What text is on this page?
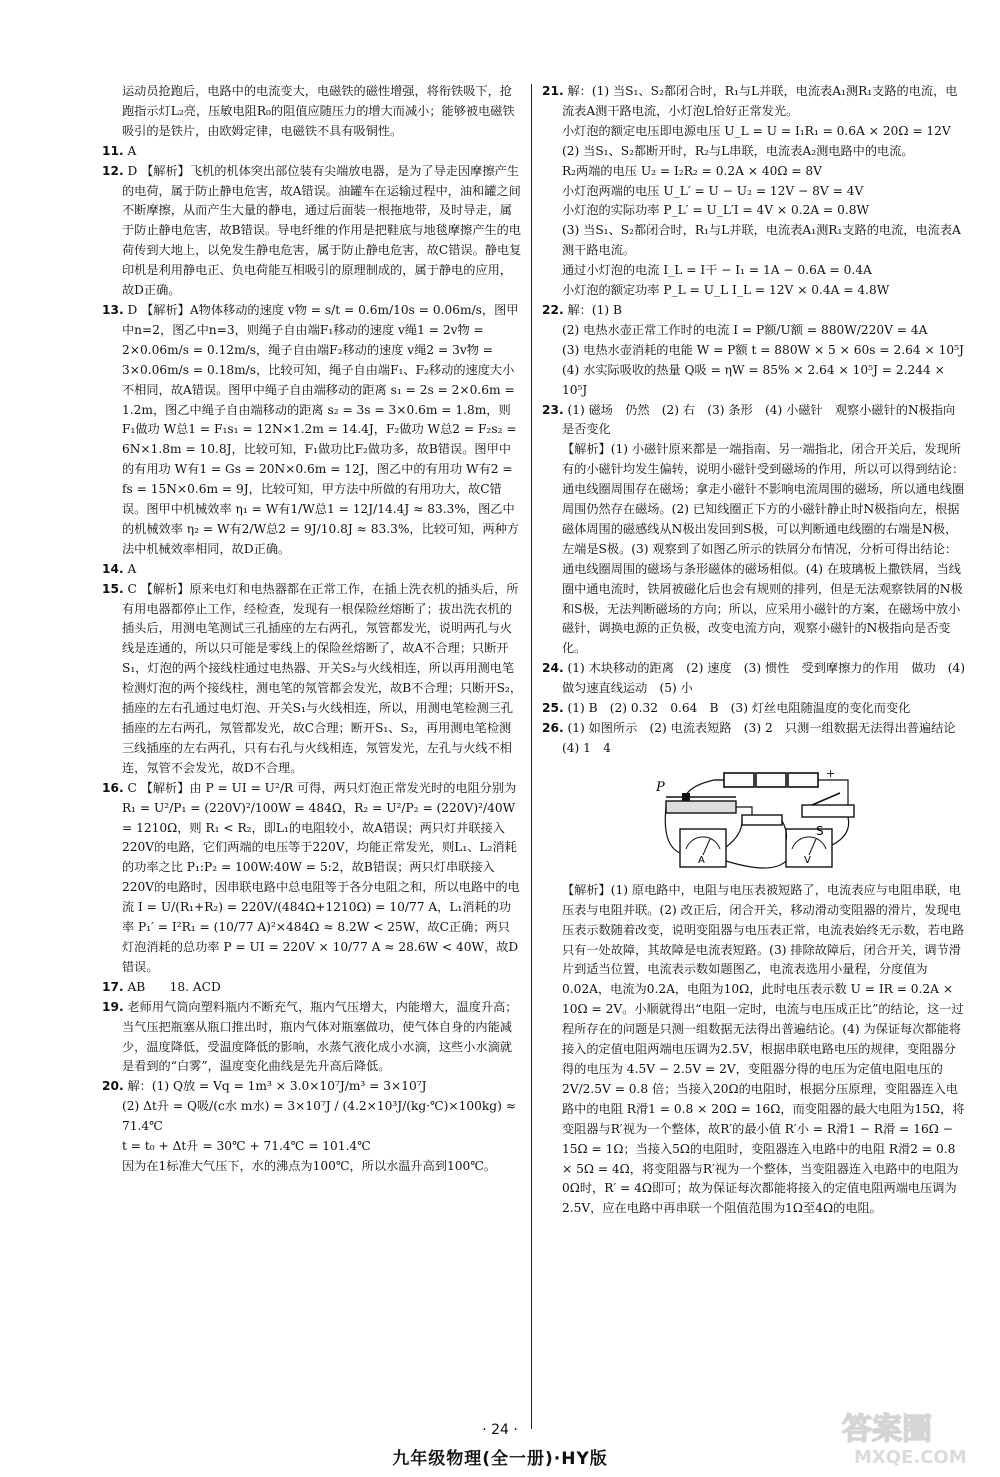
运动员抢跑后，电路中的电流变大，电磁铁的磁性增强，将衔铁吸下，抢跑指示灯L₂亮，压敏电阻R₀的阻值应随压力的增大而减小；能够被电磁铁吸引的是铁片，由欧姆定律，电磁铁不具有吸铜性。

11. A

12. D 【解析】飞机的机体突出部位装有尖端放电器，是为了导走因摩擦产生的电荷，属于防止静电危害，故A错误。油罐车在运输过程中，油和罐之间不断摩擦，从而产生大量的静电，通过后面装一根拖地带，及时导走，属于防止静电危害，故B错误。导电纤维的作用是把鞋底与地毯摩擦产生的电荷传到大地上，以免发生静电危害，属于防止静电危害，故C错误。静电复印机是利用静电正、负电荷能互相吸引的原理制成的，属于静电的应用，故D正确。

13. D 【解析】A物体移动的速度 v物 = s/t = 0.6m/10s = 0.06m/s，图甲中n=2，图乙中n=3，则绳子自由端F₁移动的速度 v绳1 = 2v物 = 2×0.06m/s = 0.12m/s，绳子自由端F₂移动的速度 v绳2 = 3v物 = 3×0.06m/s = 0.18m/s，比较可知，绳子自由端F₁、F₂移动的速度大小不相同，故A错误。图甲中绳子自由端移动的距离 s₁ = 2s = 2×0.6m = 1.2m，图乙中绳子自由端移动的距离 s₂ = 3s = 3×0.6m = 1.8m，则F₁做功 W总1 = F₁s₁ = 12N×1.2m = 14.4J，F₂做功 W总2 = F₂s₂ = 6N×1.8m = 10.8J，比较可知，F₁做功比F₂做功多，故B错误。图甲中的有用功 W有1 = Gs = 20N×0.6m = 12J，图乙中的有用功 W有2 = fs = 15N×0.6m = 9J，比较可知，甲方法中所做的有用功大，故C错误。图甲中机械效率 η₁ = W有1/W总1 = 12J/14.4J ≈ 83.3%，图乙中的机械效率 η₂ = W有2/W总2 = 9J/10.8J ≈ 83.3%，比较可知，两种方法中机械效率相同，故D正确。

14. A

15. C 【解析】原来电灯和电热器都在正常工作，在插上洗衣机的插头后，所有用电器都停止工作，经检查，发现有一根保险丝熔断了；拔出洗衣机的插头后，用测电笔测试三孔插座的左右两孔，氖管都发光，说明两孔与火线是连通的，所以只可能是零线上的保险丝熔断了，故A不合理；只断开S₁，灯泡的两个接线柱通过电热器、开关S₂与火线相连，所以再用测电笔检测灯泡的两个接线柱，测电笔的氖管都会发光，故B不合理；只断开S₂，插座的左右孔通过电灯泡、开关S₁与火线相连，所以，用测电笔检测三孔插座的左右两孔，氖管都发光，故C合理；断开S₁、S₂，再用测电笔检测三线插座的左右两孔，只有右孔与火线相连，氖管发光，左孔与火线不相连，氖管不会发光，故D不合理。

16. C 【解析】由 P = UI = U²/R 可得，两只灯泡正常发光时的电阻分别为 R₁ = U²/P₁ = (220V)²/100W = 484Ω，R₂ = U²/P₂ = (220V)²/40W = 1210Ω，则 R₁ < R₂，即L₁的电阻较小，故A错误；两只灯并联接入220V的电路，它们两端的电压等于220V，均能正常发光，则L₁、L₂消耗的功率之比 P₁:P₂ = 100W:40W = 5:2，故B错误；两只灯串联接入220V的电路时，因串联电路中总电阻等于各分电阻之和，所以电路中的电流 I = U/(R₁+R₂) = 220V/(484Ω+1210Ω) = 10/77 A，L₁消耗的功率 P₁′ = I²R₁ = (10/77 A)²×484Ω ≈ 8.2W < 25W，故C正确；两只灯泡消耗的总功率 P = UI = 220V × 10/77 A ≈ 28.6W < 40W，故D错误。

17. AB　　18. ACD

19. 老师用气筒向塑料瓶内不断充气，瓶内气压增大，内能增大，温度升高；当气压把瓶塞从瓶口推出时，瓶内气体对瓶塞做功，使气体自身的内能减少，温度降低，受温度降低的影响，水蒸气液化成小水滴，这些小水滴就是看到的“白雾”，温度变化曲线是先升高后降低。

20. 解：(1) Q放 = Vq = 1m³ × 3.0×10⁷J/m³ = 3×10⁷J

(2) Δt升 = Q吸/(c水 m水) = 3×10⁷J / (4.2×10³J/(kg·℃)×100kg) ≈ 71.4℃

t = t₀ + Δt升 = 30℃ + 71.4℃ = 101.4℃

因为在1标准大气压下，水的沸点为100℃，所以水温升高到100℃。

21. 解：(1) 当S₁、S₂都闭合时，R₁与L并联，电流表A₁测R₁支路的电流，电流表A测干路电流，小灯泡L恰好正常发光。

小灯泡的额定电压即电源电压 U_L = U = I₁R₁ = 0.6A × 20Ω = 12V

(2) 当S₁、S₂都断开时，R₂与L串联，电流表A₂测电路中的电流。

R₂两端的电压 U₂ = I₂R₂ = 0.2A × 40Ω = 8V

小灯泡两端的电压 U_L′ = U − U₂ = 12V − 8V = 4V

小灯泡的实际功率 P_L′ = U_L′I = 4V × 0.2A = 0.8W

(3) 当S₁、S₂都闭合时，R₁与L并联，电流表A₁测R₁支路的电流，电流表A测干路电流。

通过小灯泡的电流 I_L = I干 − I₁ = 1A − 0.6A = 0.4A

小灯泡的额定功率 P_L = U_L I_L = 12V × 0.4A = 4.8W

22. 解：(1) B

(2) 电热水壶正常工作时的电流 I = P额/U额 = 880W/220V = 4A

(3) 电热水壶消耗的电能 W = P额 t = 880W × 5 × 60s = 2.64 × 10⁵J

(4) 水实际吸收的热量 Q吸 = ηW = 85% × 2.64 × 10⁵J = 2.244 × 10⁵J

23. (1) 磁场　仍然　(2) 右　(3) 条形　(4) 小磁针　观察小磁针的N极指向是否变化

【解析】(1) 小磁针原来都是一端指南、另一端指北，闭合开关后，发现所有的小磁针均发生偏转，说明小磁针受到磁场的作用，所以可以得到结论：通电线圈周围存在磁场；拿走小磁针不影响电流周围的磁场，所以通电线圈周围仍然存在磁场。(2) 已知线圈正下方的小磁针静止时N极指向左，根据磁体周围的磁感线从N极出发回到S极，可以判断通电线圈的右端是N极，左端是S极。(3) 观察到了如图乙所示的铁屑分布情况，分析可得出结论：通电线圈周围的磁场与条形磁体的磁场相似。(4) 在玻璃板上撒铁屑，当线圈中通电流时，铁屑被磁化后也会有规则的排列，但是无法观察铁屑的N极和S极，无法判断磁场的方向；所以，应采用小磁针的方案，在磁场中放小磁针，调换电源的正负极，改变电流方向，观察小磁针的N极指向是否变化。

24. (1) 木块移动的距离　(2) 速度　(3) 惯性　受到摩擦力的作用　做功　(4) 做匀速直线运动　(5) 小

25. (1) B　(2) 0.32　0.64　B　(3) 灯丝电阻随温度的变化而变化

26. (1) 如图所示　(2) 电流表短路　(3) 2　只测一组数据无法得出普遍结论　(4) 1　4

+
P
S
A	V

【解析】(1) 原电路中，电阻与电压表被短路了，电流表应与电阻串联，电压表与电阻并联。(2) 改正后，闭合开关，移动滑动变阻器的滑片，发现电压表示数随着改变，说明变阻器与电压表正常，电流表始终无示数，若电路只有一处故障，其故障是电流表短路。(3) 排除故障后，闭合开关，调节滑片到适当位置，电流表示数如题图乙，电流表选用小量程，分度值为0.02A，电流为0.2A，电阻为10Ω，此时电压表示数 U = IR = 0.2A × 10Ω = 2V。小顺就得出“电阻一定时，电流与电压成正比”的结论，这一过程所存在的问题是只测一组数据无法得出普遍结论。(4) 为保证每次都能将接入的定值电阻两端电压调为2.5V，根据串联电路电压的规律，变阻器分得的电压为 4.5V − 2.5V = 2V，变阻器分得的电压为定值电阻电压的 2V/2.5V = 0.8 倍；当接入20Ω的电阻时，根据分压原理，变阻器连入电路中的电阻 R滑1 = 0.8 × 20Ω = 16Ω，而变阻器的最大电阻为15Ω，将变阻器与R′视为一个整体，故R′的最小值 R′小 = R滑1 − R滑 = 16Ω − 15Ω = 1Ω；当接入5Ω的电阻时，变阻器连入电路中的电阻 R滑2 = 0.8 × 5Ω = 4Ω，将变阻器与R′视为一个整体，当变阻器连入电路中的电阻为0Ω时，R′ = 4Ω即可；故为保证每次都能将接入的定值电阻两端电压调为2.5V，应在电路中再串联一个阻值范围为1Ω至4Ω的电阻。

· 24 ·
九年级物理(全一册)·HY版
答案圈
MXQE.COM
